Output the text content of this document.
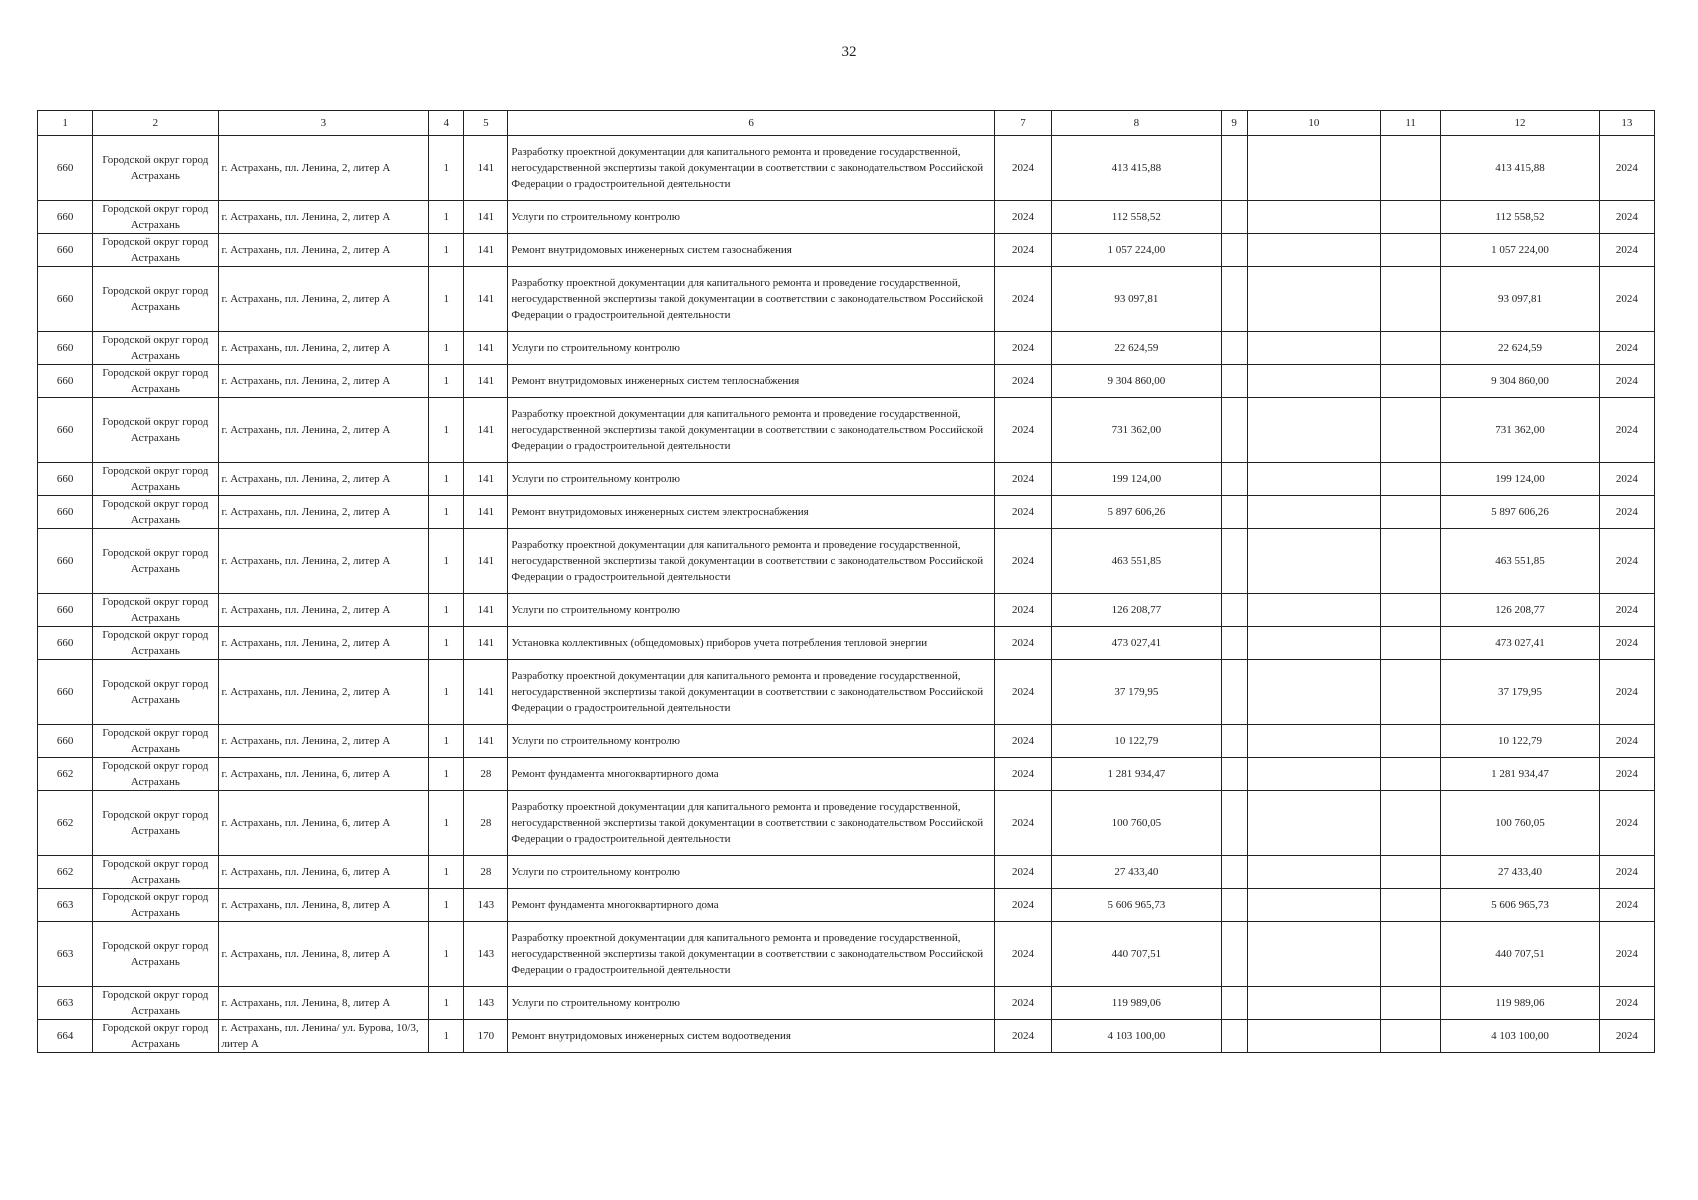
32
1	2	3	4	5	6	7	8	9	10	11	12	13
660	Городской округ город Астрахань	г. Астрахань, пл. Ленина, 2, литер А	1	141	Разработку проектной документации для капитального ремонта и проведение государственной, негосударственной экспертизы такой документации в соответствии с законодательством Российской Федерации о градостроительной деятельности	2024	413 415,88				413 415,88	2024
660	Городской округ город Астрахань	г. Астрахань, пл. Ленина, 2, литер А	1	141	Услуги по строительному контролю	2024	112 558,52				112 558,52	2024
660	Городской округ город Астрахань	г. Астрахань, пл. Ленина, 2, литер А	1	141	Ремонт внутридомовых инженерных систем газоснабжения	2024	1 057 224,00				1 057 224,00	2024
660	Городской округ город Астрахань	г. Астрахань, пл. Ленина, 2, литер А	1	141	Разработку проектной документации для капитального ремонта и проведение государственной, негосударственной экспертизы такой документации в соответствии с законодательством Российской Федерации о градостроительной деятельности	2024	93 097,81				93 097,81	2024
660	Городской округ город Астрахань	г. Астрахань, пл. Ленина, 2, литер А	1	141	Услуги по строительному контролю	2024	22 624,59				22 624,59	2024
660	Городской округ город Астрахань	г. Астрахань, пл. Ленина, 2, литер А	1	141	Ремонт внутридомовых инженерных систем теплоснабжения	2024	9 304 860,00				9 304 860,00	2024
660	Городской округ город Астрахань	г. Астрахань, пл. Ленина, 2, литер А	1	141	Разработку проектной документации для капитального ремонта и проведение государственной, негосударственной экспертизы такой документации в соответствии с законодательством Российской Федерации о градостроительной деятельности	2024	731 362,00				731 362,00	2024
660	Городской округ город Астрахань	г. Астрахань, пл. Ленина, 2, литер А	1	141	Услуги по строительному контролю	2024	199 124,00				199 124,00	2024
660	Городской округ город Астрахань	г. Астрахань, пл. Ленина, 2, литер А	1	141	Ремонт внутридомовых инженерных систем электроснабжения	2024	5 897 606,26				5 897 606,26	2024
660	Городской округ город Астрахань	г. Астрахань, пл. Ленина, 2, литер А	1	141	Разработку проектной документации для капитального ремонта и проведение государственной, негосударственной экспертизы такой документации в соответствии с законодательством Российской Федерации о градостроительной деятельности	2024	463 551,85				463 551,85	2024
660	Городской округ город Астрахань	г. Астрахань, пл. Ленина, 2, литер А	1	141	Услуги по строительному контролю	2024	126 208,77				126 208,77	2024
660	Городской округ город Астрахань	г. Астрахань, пл. Ленина, 2, литер А	1	141	Установка коллективных (общедомовых) приборов учета потребления тепловой энергии	2024	473 027,41				473 027,41	2024
660	Городской округ город Астрахань	г. Астрахань, пл. Ленина, 2, литер А	1	141	Разработку проектной документации для капитального ремонта и проведение государственной, негосударственной экспертизы такой документации в соответствии с законодательством Российской Федерации о градостроительной деятельности	2024	37 179,95				37 179,95	2024
660	Городской округ город Астрахань	г. Астрахань, пл. Ленина, 2, литер А	1	141	Услуги по строительному контролю	2024	10 122,79				10 122,79	2024
662	Городской округ город Астрахань	г. Астрахань, пл. Ленина, 6, литер А	1	28	Ремонт фундамента многоквартирного дома	2024	1 281 934,47				1 281 934,47	2024
662	Городской округ город Астрахань	г. Астрахань, пл. Ленина, 6, литер А	1	28	Разработку проектной документации для капитального ремонта и проведение государственной, негосударственной экспертизы такой документации в соответствии с законодательством Российской Федерации о градостроительной деятельности	2024	100 760,05				100 760,05	2024
662	Городской округ город Астрахань	г. Астрахань, пл. Ленина, 6, литер А	1	28	Услуги по строительному контролю	2024	27 433,40				27 433,40	2024
663	Городской округ город Астрахань	г. Астрахань, пл. Ленина, 8, литер А	1	143	Ремонт фундамента многоквартирного дома	2024	5 606 965,73				5 606 965,73	2024
663	Городской округ город Астрахань	г. Астрахань, пл. Ленина, 8, литер А	1	143	Разработку проектной документации для капитального ремонта и проведение государственной, негосударственной экспертизы такой документации в соответствии с законодательством Российской Федерации о градостроительной деятельности	2024	440 707,51				440 707,51	2024
663	Городской округ город Астрахань	г. Астрахань, пл. Ленина, 8, литер А	1	143	Услуги по строительному контролю	2024	119 989,06				119 989,06	2024
664	Городской округ город Астрахань	г. Астрахань, пл. Ленина/ ул. Бурова, 10/3, литер А	1	170	Ремонт внутридомовых инженерных систем водоотведения	2024	4 103 100,00				4 103 100,00	2024
